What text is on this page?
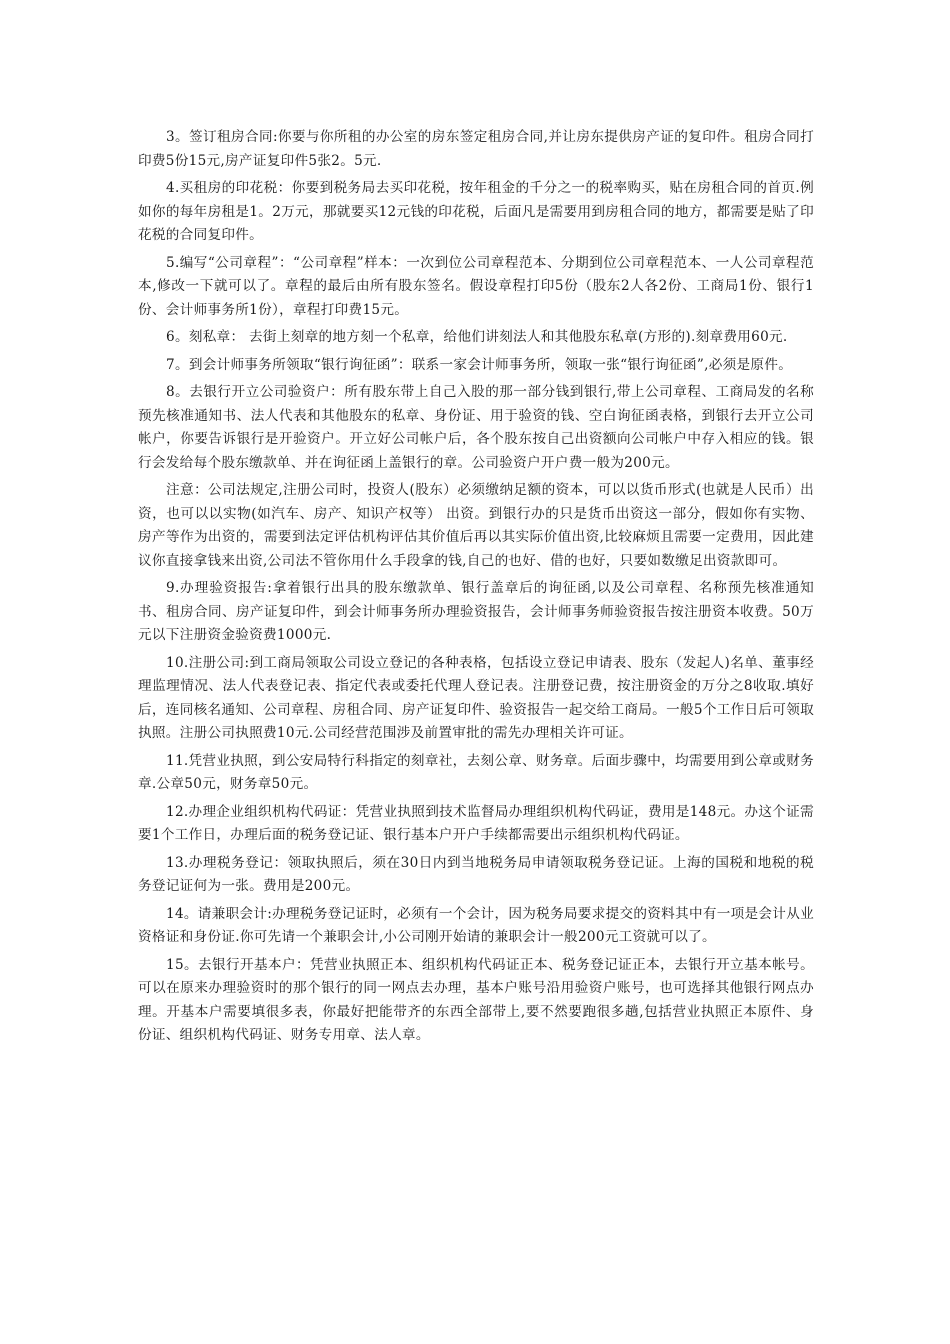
3。签订租房合同:你要与你所租的办公室的房东签定租房合同,并让房东提供房产证的复印件。租房合同打印费5份15元,房产证复印件5张2。5元.

4.买租房的印花税：你要到税务局去买印花税，按年租金的千分之一的税率购买，贴在房租合同的首页.例如你的每年房租是1。2万元，那就要买12元钱的印花税，后面凡是需要用到房租合同的地方，都需要是贴了印花税的合同复印件。

5.编写“公司章程”：“公司章程”样本：一次到位公司章程范本、分期到位公司章程范本、一人公司章程范本,修改一下就可以了。章程的最后由所有股东签名。假设章程打印5份（股东2人各2份、工商局1份、银行1份、会计师事务所1份），章程打印费15元。

6。刻私章： 去街上刻章的地方刻一个私章，给他们讲刻法人和其他股东私章(方形的).刻章费用60元.

7。到会计师事务所领取“银行询征函”：联系一家会计师事务所，领取一张“银行询征函”,必须是原件。

8。去银行开立公司验资户：所有股东带上自己入股的那一部分钱到银行,带上公司章程、工商局发的名称预先核准通知书、法人代表和其他股东的私章、身份证、用于验资的钱、空白询征函表格，到银行去开立公司帐户，你要告诉银行是开验资户。开立好公司帐户后，各个股东按自己出资额向公司帐户中存入相应的钱。银行会发给每个股东缴款单、并在询征函上盖银行的章。公司验资户开户费一般为200元。

注意：公司法规定,注册公司时，投资人(股东）必须缴纳足额的资本，可以以货币形式(也就是人民币）出资，也可以以实物(如汽车、房产、知识产权等） 出资。到银行办的只是货币出资这一部分，假如你有实物、房产等作为出资的，需要到法定评估机构评估其价值后再以其实际价值出资,比较麻烦且需要一定费用，因此建议你直接拿钱来出资,公司法不管你用什么手段拿的钱,自己的也好、借的也好，只要如数缴足出资款即可。

9.办理验资报告:拿着银行出具的股东缴款单、银行盖章后的询征函,以及公司章程、名称预先核准通知书、租房合同、房产证复印件，到会计师事务所办理验资报告，会计师事务师验资报告按注册资本收费。50万元以下注册资金验资费1000元.

10.注册公司:到工商局领取公司设立登记的各种表格，包括设立登记申请表、股东（发起人)名单、董事经理监理情况、法人代表登记表、指定代表或委托代理人登记表。注册登记费，按注册资金的万分之8收取.填好后，连同核名通知、公司章程、房租合同、房产证复印件、验资报告一起交给工商局。一般5个工作日后可领取执照。注册公司执照费10元.公司经营范围涉及前置审批的需先办理相关许可证。

11.凭营业执照，到公安局特行科指定的刻章社，去刻公章、财务章。后面步骤中，均需要用到公章或财务章.公章50元，财务章50元。

12.办理企业组织机构代码证：凭营业执照到技术监督局办理组织机构代码证，费用是148元。办这个证需要1个工作日，办理后面的税务登记证、银行基本户开户手续都需要出示组织机构代码证。

13.办理税务登记：领取执照后，须在30日内到当地税务局申请领取税务登记证。上海的国税和地税的税务登记证何为一张。费用是200元。

14。请兼职会计:办理税务登记证时，必须有一个会计，因为税务局要求提交的资料其中有一项是会计从业资格证和身份证.你可先请一个兼职会计,小公司刚开始请的兼职会计一般200元工资就可以了。

15。去银行开基本户：凭营业执照正本、组织机构代码证正本、税务登记证正本，去银行开立基本帐号。可以在原来办理验资时的那个银行的同一网点去办理，基本户账号沿用验资户账号，也可选择其他银行网点办理。开基本户需要填很多表，你最好把能带齐的东西全部带上,要不然要跑很多趟,包括营业执照正本原件、身份证、组织机构代码证、财务专用章、法人章。
